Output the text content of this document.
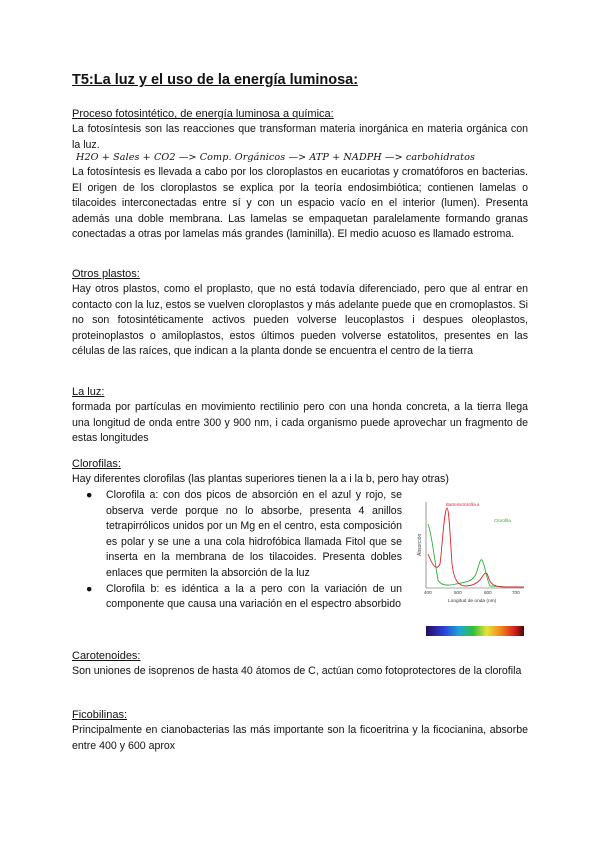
T5:La luz y el uso de la energía luminosa:
Proceso fotosintético, de energía luminosa a química:
La fotosíntesis son las reacciones que transforman materia inorgánica en materia orgánica con la luz.
H2O + Sales + CO2 —> Comp. Orgánicos —> ATP + NADPH —> carbohidratos
La fotosíntesis es llevada a cabo por los cloroplastos en eucariotas y cromatóforos en bacterias. El origen de los cloroplastos se explica por la teoría endosimbiótica; contienen lamelas o tilacoides interconectadas entre sí y con un espacio vacío en el interior (lumen). Presenta además una doble membrana. Las lamelas se empaquetan paralelamente formando granas conectadas a otras por lamelas más grandes (laminilla). El medio acuoso es llamado estroma.
Otros plastos:
Hay otros plastos, como el proplasto, que no está todavía diferenciado, pero que al entrar en contacto con la luz, estos se vuelven cloroplastos y más adelante puede que en cromoplastos. Si no son fotosintéticamente activos pueden volverse leucoplastos i despues oleoplastos, proteinoplastos o amiloplastos, estos últimos pueden volverse estatolitos, presentes en las células de las raíces, que indican a la planta donde se encuentra el centro de la tierra
La luz:
formada por partículas en movimiento rectilinio pero con una honda concreta, a la tierra llega una longitud de onda entre 300 y 900 nm, i cada organismo puede aprovechar un fragmento de estas longitudes
Clorofilas:
Hay diferentes clorofilas (las plantas superiores tienen la a i la b, pero hay otras)
● Clorofila a: con dos picos de absorción en el azul y rojo, se observa verde porque no lo absorbe, presenta 4 anillos tetrapirrólicos unidos por un Mg en el centro, esta composición es polar y se une a una cola hidrofóbica llamada Fitol que se inserta en la membrana de los tilacoides. Presenta dobles enlaces que permiten la absorción de la luz
● Clorofila b: es idéntica a la a pero con la variación de un componente que causa una variación en el espectro absorbido
Absorción
Bacterioclorofila a
Clorofila
400	500	600	700
Longitud de onda (nm)
Carotenoides:
Son uniones de isoprenos de hasta 40 átomos de C, actúan como fotoprotectores de la clorofila
Ficobilinas:
Principalmente en cianobacterias las más importante son la ficoeritrina y la ficocianina, absorbe entre 400 y 600 aprox
